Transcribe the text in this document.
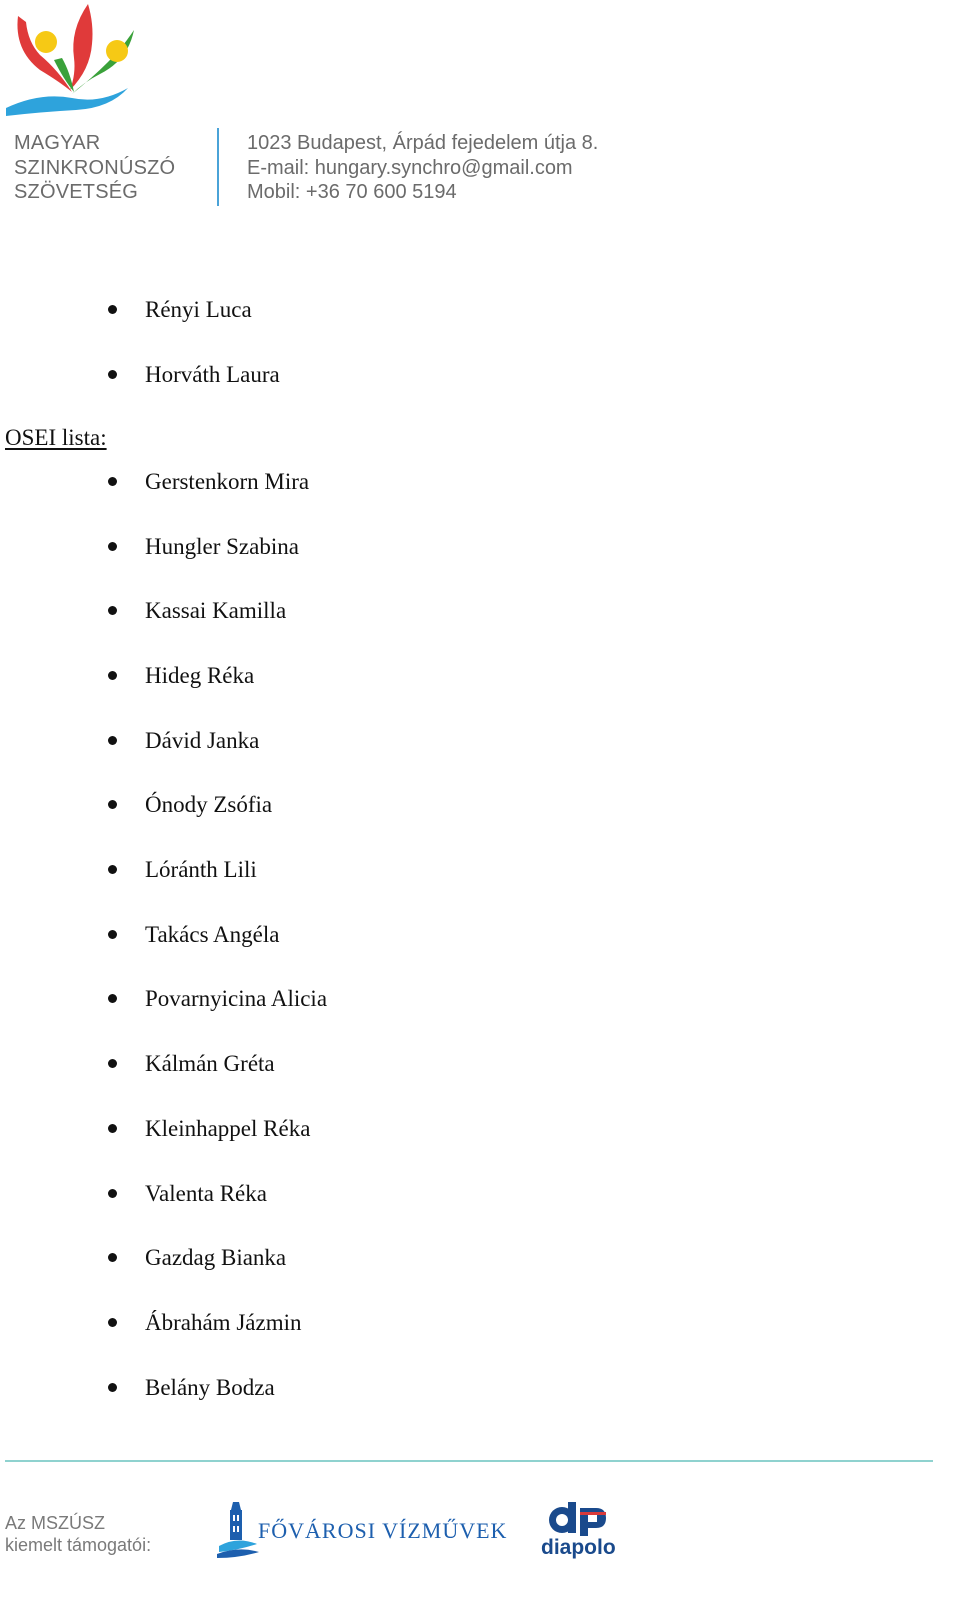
MAGYAR
SZINKRONÚSZÓ
SZÖVETSÉG
1023 Budapest, Árpád fejedelem útja 8.
E-mail: hungary.synchro@gmail.com
Mobil: +36 70 600 5194
Rényi Luca
Horváth Laura
OSEI lista:
Gerstenkorn Mira
Hungler Szabina
Kassai Kamilla
Hideg Réka
Dávid Janka
Ónody Zsófia
Lóránth Lili
Takács Angéla
Povarnyicina Alicia
Kálmán Gréta
Kleinhappel Réka
Valenta Réka
Gazdag Bianka
Ábrahám Jázmin
Belány Bodza
Az MSZÚSZ
kiemelt támogatói:
FŐVÁROSI VÍZMŰVEK
diapolo
